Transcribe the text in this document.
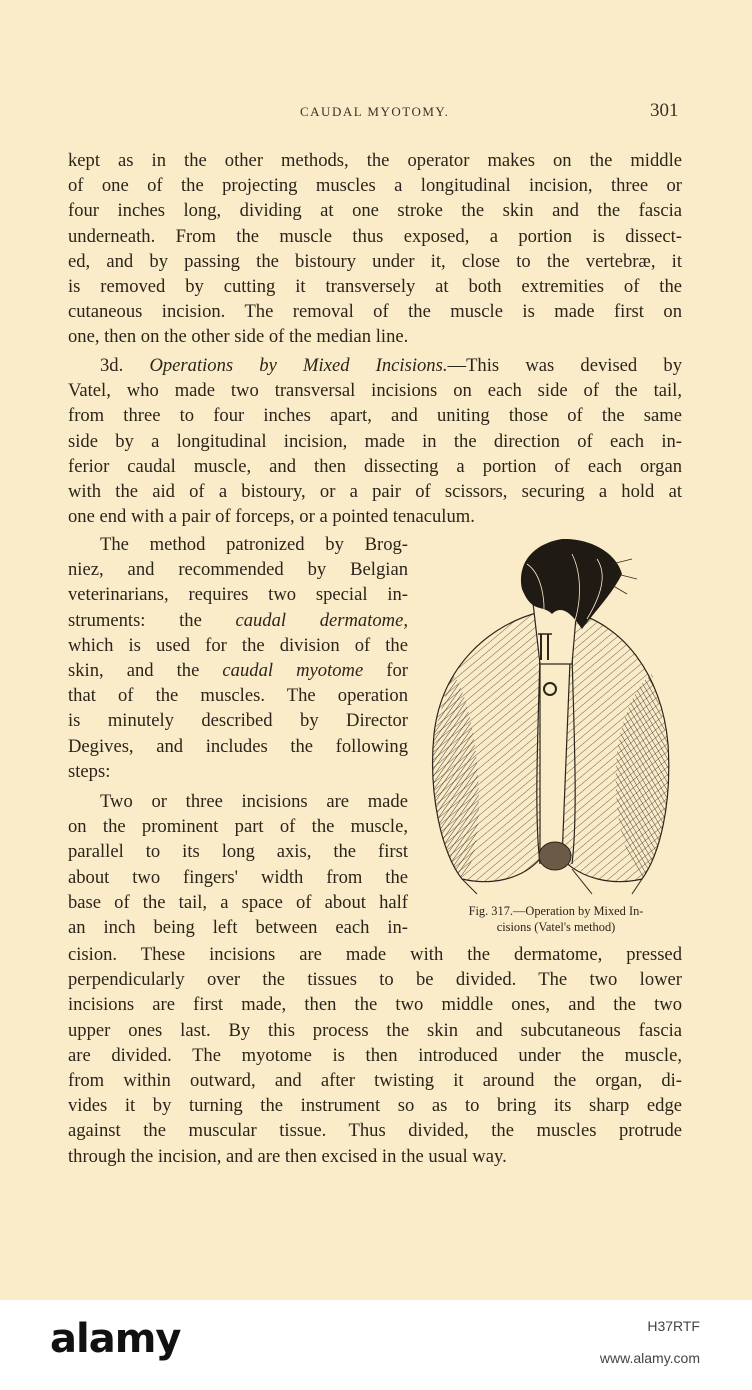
CAUDAL MYOTOMY.	301
kept as in the other methods, the operator makes on the middle
of one of the projecting muscles a longitudinal incision, three or
four inches long, dividing at one stroke the skin and the fascia
underneath. From the muscle thus exposed, a portion is dissect-
ed, and by passing the bistoury under it, close to the vertebræ, it
is removed by cutting it transversely at both extremities of the
cutaneous incision. The removal of the muscle is made first on
one, then on the other side of the median line.
3d. Operations by Mixed Incisions.—This was devised by
Vatel, who made two transversal incisions on each side of the tail,
from three to four inches apart, and uniting those of the same
side by a longitudinal incision, made in the direction of each in-
ferior caudal muscle, and then dissecting a portion of each organ
with the aid of a bistoury, or a pair of scissors, securing a hold at
one end with a pair of forceps, or a pointed tenaculum.
The method patronized by Brog-
niez, and recommended by Belgian
veterinarians, requires two special in-
struments: the caudal dermatome,
which is used for the division of the
skin, and the caudal myotome for
that of the muscles. The operation
is minutely described by Director
Degives, and includes the following
steps:
Two or three incisions are made
on the prominent part of the muscle,
parallel to its long axis, the first
about two fingers' width from the
base of the tail, a space of about half
an inch being left between each in-
cision. These incisions are made with the dermatome, pressed
perpendicularly over the tissues to be divided. The two lower
incisions are first made, then the two middle ones, and the two
upper ones last. By this process the skin and subcutaneous fascia
are divided. The myotome is then introduced under the muscle,
from within outward, and after twisting it around the organ, di-
vides it by turning the instrument so as to bring its sharp edge
against the muscular tissue. Thus divided, the muscles protrude
through the incision, and are then excised in the usual way.
Fig. 317.—Operation by Mixed In-
cisions (Vatel's method)
alamy	H37RTF
www.alamy.com
